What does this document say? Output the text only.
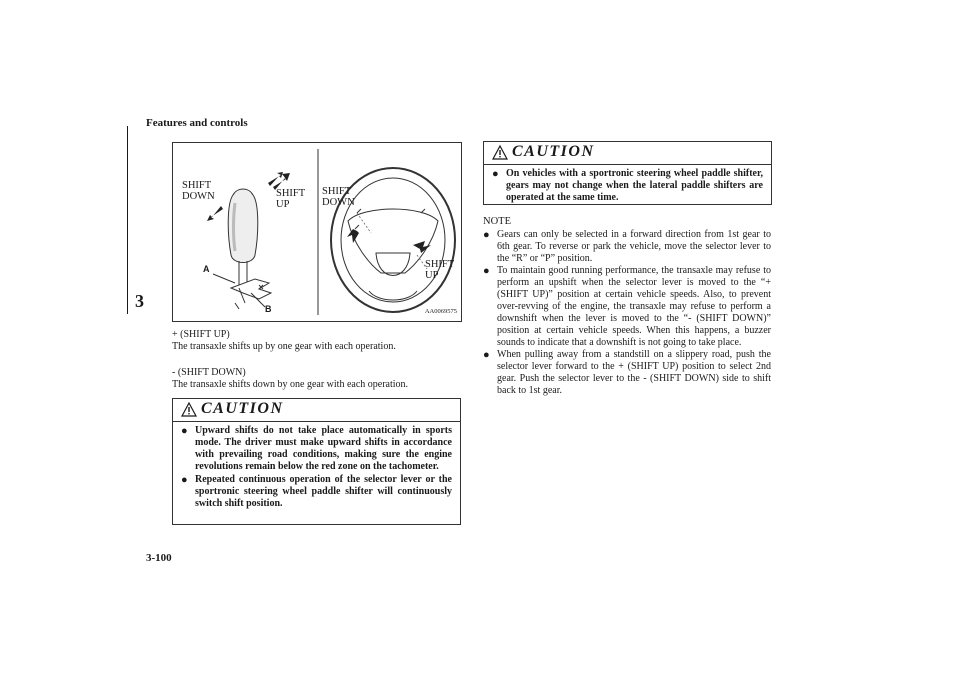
Features and controls
3
SHIFT
DOWN	SHIFT
UP
SHIFT
DOWN
SHIFT
UP
A
B	AA0069575
+ (SHIFT UP)
The transaxle shifts up by one gear with each operation.
- (SHIFT DOWN)
The transaxle shifts down by one gear with each operation.
CAUTION
● Upward shifts do not take place automatically in sports mode. The driver must make upward shifts in accordance with prevailing road conditions, making sure the engine revolutions remain below the red zone on the tachometer.
● Repeated continuous operation of the selector lever or the sportronic steering wheel paddle shifter will continuously switch shift position.
CAUTION
● On vehicles with a sportronic steering wheel paddle shifter, gears may not change when the lateral paddle shifters are operated at the same time.
NOTE
● Gears can only be selected in a forward direction from 1st gear to 6th gear. To reverse or park the vehicle, move the selector lever to the “R” or “P” position.
● To maintain good running performance, the transaxle may refuse to perform an upshift when the selector lever is moved to the “+ (SHIFT UP)” position at certain vehicle speeds. Also, to prevent over-revving of the engine, the transaxle may refuse to perform a downshift when the lever is moved to the “- (SHIFT DOWN)” position at certain vehicle speeds. When this happens, a buzzer sounds to indicate that a downshift is not going to take place.
● When pulling away from a standstill on a slippery road, push the selector lever forward to the + (SHIFT UP) position to select 2nd gear. Push the selector lever to the - (SHIFT DOWN) side to shift back to 1st gear.
3-100
